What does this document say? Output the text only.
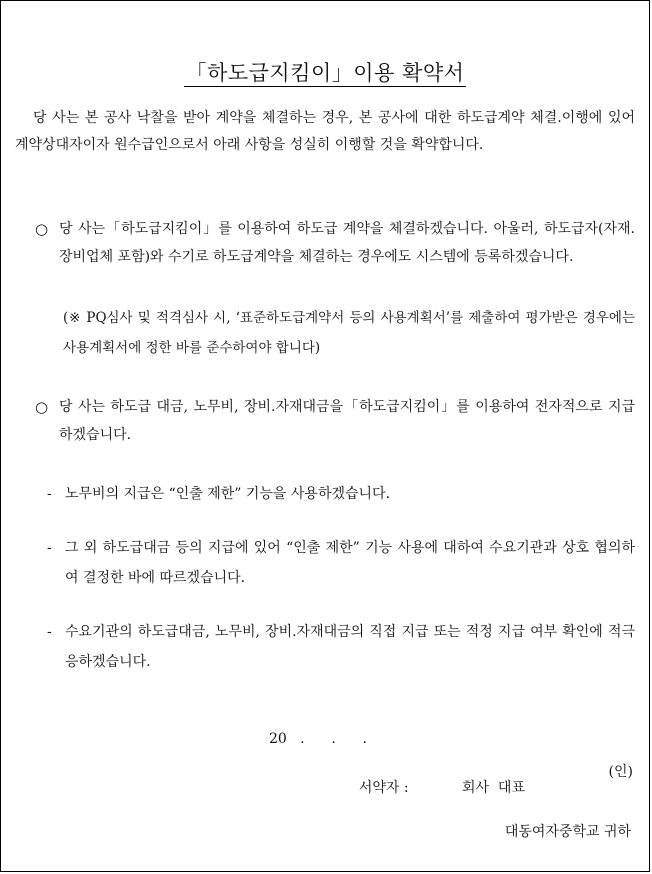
「하도급지킴이」이용 확약서

당 사는 본 공사 낙찰을 받아 계약을 체결하는 경우, 본 공사에 대한 하도급계약 체결.이행에 있어 계약상대자이자 원수급인으로서 아래 사항을 성실히 이행할 것을 확약합니다.

○ 당 사는「하도급지킴이」를 이용하여 하도급 계약을 체결하겠습니다. 아울러, 하도급자(자재.장비업체 포함)와 수기로 하도급계약을 체결하는 경우에도 시스템에 등록하겠습니다.

(※ PQ심사 및 적격심사 시, ‘표준하도급계약서 등의 사용계획서’를 제출하여 평가받은 경우에는 사용계획서에 정한 바를 준수하여야 합니다)

○ 당 사는 하도급 대금, 노무비, 장비.자재대금을「하도급지킴이」를 이용하여 전자적으로 지급하겠습니다.
- 노무비의 지급은 “인출 제한” 기능을 사용하겠습니다.
- 그 외 하도급대금 등의 지급에 있어 “인출 제한” 기능 사용에 대하여 수요기관과 상호 협의하여 결정한 바에 따르겠습니다.
- 수요기관의 하도급대금, 노무비, 장비.자재대금의 직접 지급 또는 적정 지급 여부 확인에 적극 응하겠습니다.
20   .      .      .

서약자 :	회사  대표

(인)

대동여자중학교 귀하
